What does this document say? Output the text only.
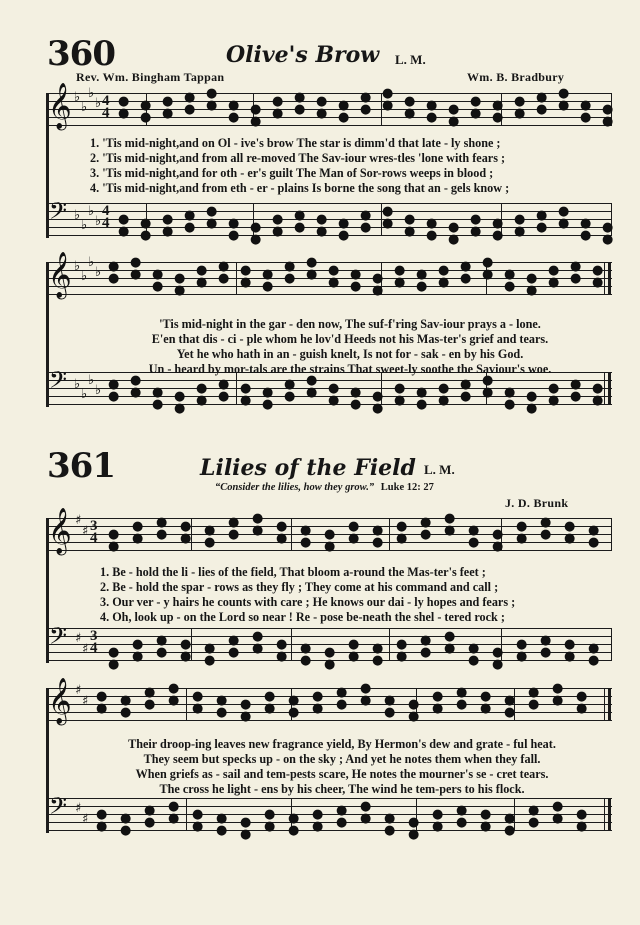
360	Olive's Brow L. M.
Rev. Wm. Bingham Tappan	Wm. B. Bradbury
𝄞 ♭
♭
♭
♭ 4
4
𝄢 ♭
♭
♭
♭
4
4
1. 'Tis mid-night,and on Ol - ive's brow The star is dimm'd that late - ly shone ;
2. 'Tis mid-night,and from all re-moved The Sav-iour wres-tles 'lone with fears ;
3. 'Tis mid-night,and for oth - er's guilt The Man of Sor-rows weeps in blood ;
4. 'Tis mid-night,and from eth - er - plains Is borne the song that an - gels know ;
●
●
●
●
●
●
●
●
●
●
●
●
●
●
●
●
●
●
●
●
●
●
●
●
●
●
●
●
●
●
●
●
●
●
●
●
●
●
●
●
●
●
●
●
●
●
●
●
●
●
●
●
●
●
●
●
●
●
●
●
●
●
●
●
●
●
●
●
●
●
●
●
●
●
●
●
●
●
●
●
●
●
●
●
●
●
●
●
●
●
●
●
𝄞 ♭
♭
♭
♭
𝄢 ♭
♭
♭
♭
'Tis mid-night in the gar - den now, The suf-f'ring Sav-iour prays a - lone.
E'en that dis - ci - ple whom he lov'd Heeds not his Mas-ter's grief and tears.
Yet he who hath in an - guish knelt, Is not for - sak - en by his God.
Un - heard by mor-tals are the strains That sweet-ly soothe the Saviour's woe.
●
●
●
●
●
●
●
●
●
●
●
●
●
●
●
●
●
●
●
●
●
●
●
●
●
●
●
●
●
●
●
●
●
●
●
●
●
●
●
●
●
●
●
●
●
●
●
●
●
●
●
●
●
●
●
●
●
●
●
●
●
●
●
●
●
●
●
●
●
●
●
●
●
●
●
●
●
●
●
●
●
●
●
●
●
●
●
●
●
●
●
●
361	Lilies of the Field L. M.
“Consider the lilies, how they grow.” Luke 12: 27
J. D. Brunk
𝄞 ♯
♯ 3
4
𝄢 ♯
♯
3
4
1. Be - hold the li - lies of the field, That bloom a-round the Mas-ter's feet ;
2. Be - hold the spar - rows as they fly ; They come at his command and call ;
3. Our ver - y hairs he counts with care ; He knows our dai - ly hopes and fears ;
4. Oh, look up - on the Lord so near ! Re - pose be-neath the shel - tered rock ;
●
●
●
●
●
●
●
●
●
●
●
●
●
●
●
●
●
●
●
●
●
●
●
●
●
●
●
●
●
●
●
●
●
●
●
●
●
●
●
●
●
●
●
●
●
●
●
●
●
●
●
●
●
●
●
●
●
●
●
●
●
●
●
●
●
●
●
●
●
●
●
●
●
●
●
●
●
●
●
●
●
●
●
●
𝄞 ♯
♯
𝄢 ♯
♯
Their droop-ing leaves new fragrance yield, By Hermon's dew and grate - ful heat.
They seem but specks up - on the sky ; And yet he notes them when they fall.
When griefs as - sail and tem-pests scare, He notes the mourner's se - cret tears.
The cross he light - ens by his cheer, The wind he tem-pers to his flock.
●
●
●
●
●
●
●
●
●
●
●
●
●
●
●
●
●
●
●
●
●
●
●
●
●
●
●
●
●
●
●
●
●
●
●
●
●
●
●
●
●
●
●
●
●
●
●
●
●
●
●
●
●
●
●
●
●
●
●
●
●
●
●
●
●
●
●
●
●
●
●
●
●
●
●
●
●
●
●
●
●
●
●
●
